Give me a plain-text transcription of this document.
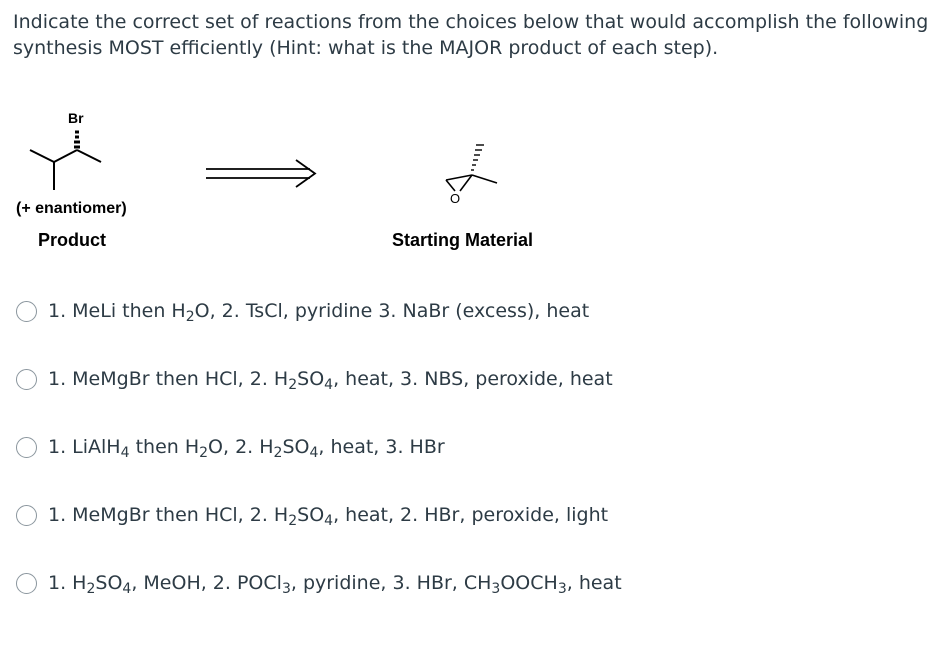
Indicate the correct set of reactions from the choices below that would accomplish the following synthesis MOST efficiently (Hint: what is the MAJOR product of each step).
Br
O
(+ enantiomer)
Product	Starting Material
1. MeLi then $H_2O$, 2. TsCl, pyridine 3. NaBr (excess), heat
1. MeMgBr then HCl, 2. $H_2SO_4$, heat, 3. NBS, peroxide, heat
1. LiAlH$_4$ then $H_2O$, 2. $H_2SO_4$, heat, 3. HBr
1. MeMgBr then HCl, 2. $H_2SO_4$, heat, 2. HBr, peroxide, light
1. $H_2SO_4$, MeOH, 2. POCl$_3$, pyridine, 3. HBr, $CH_3OOCH_3$, heat
